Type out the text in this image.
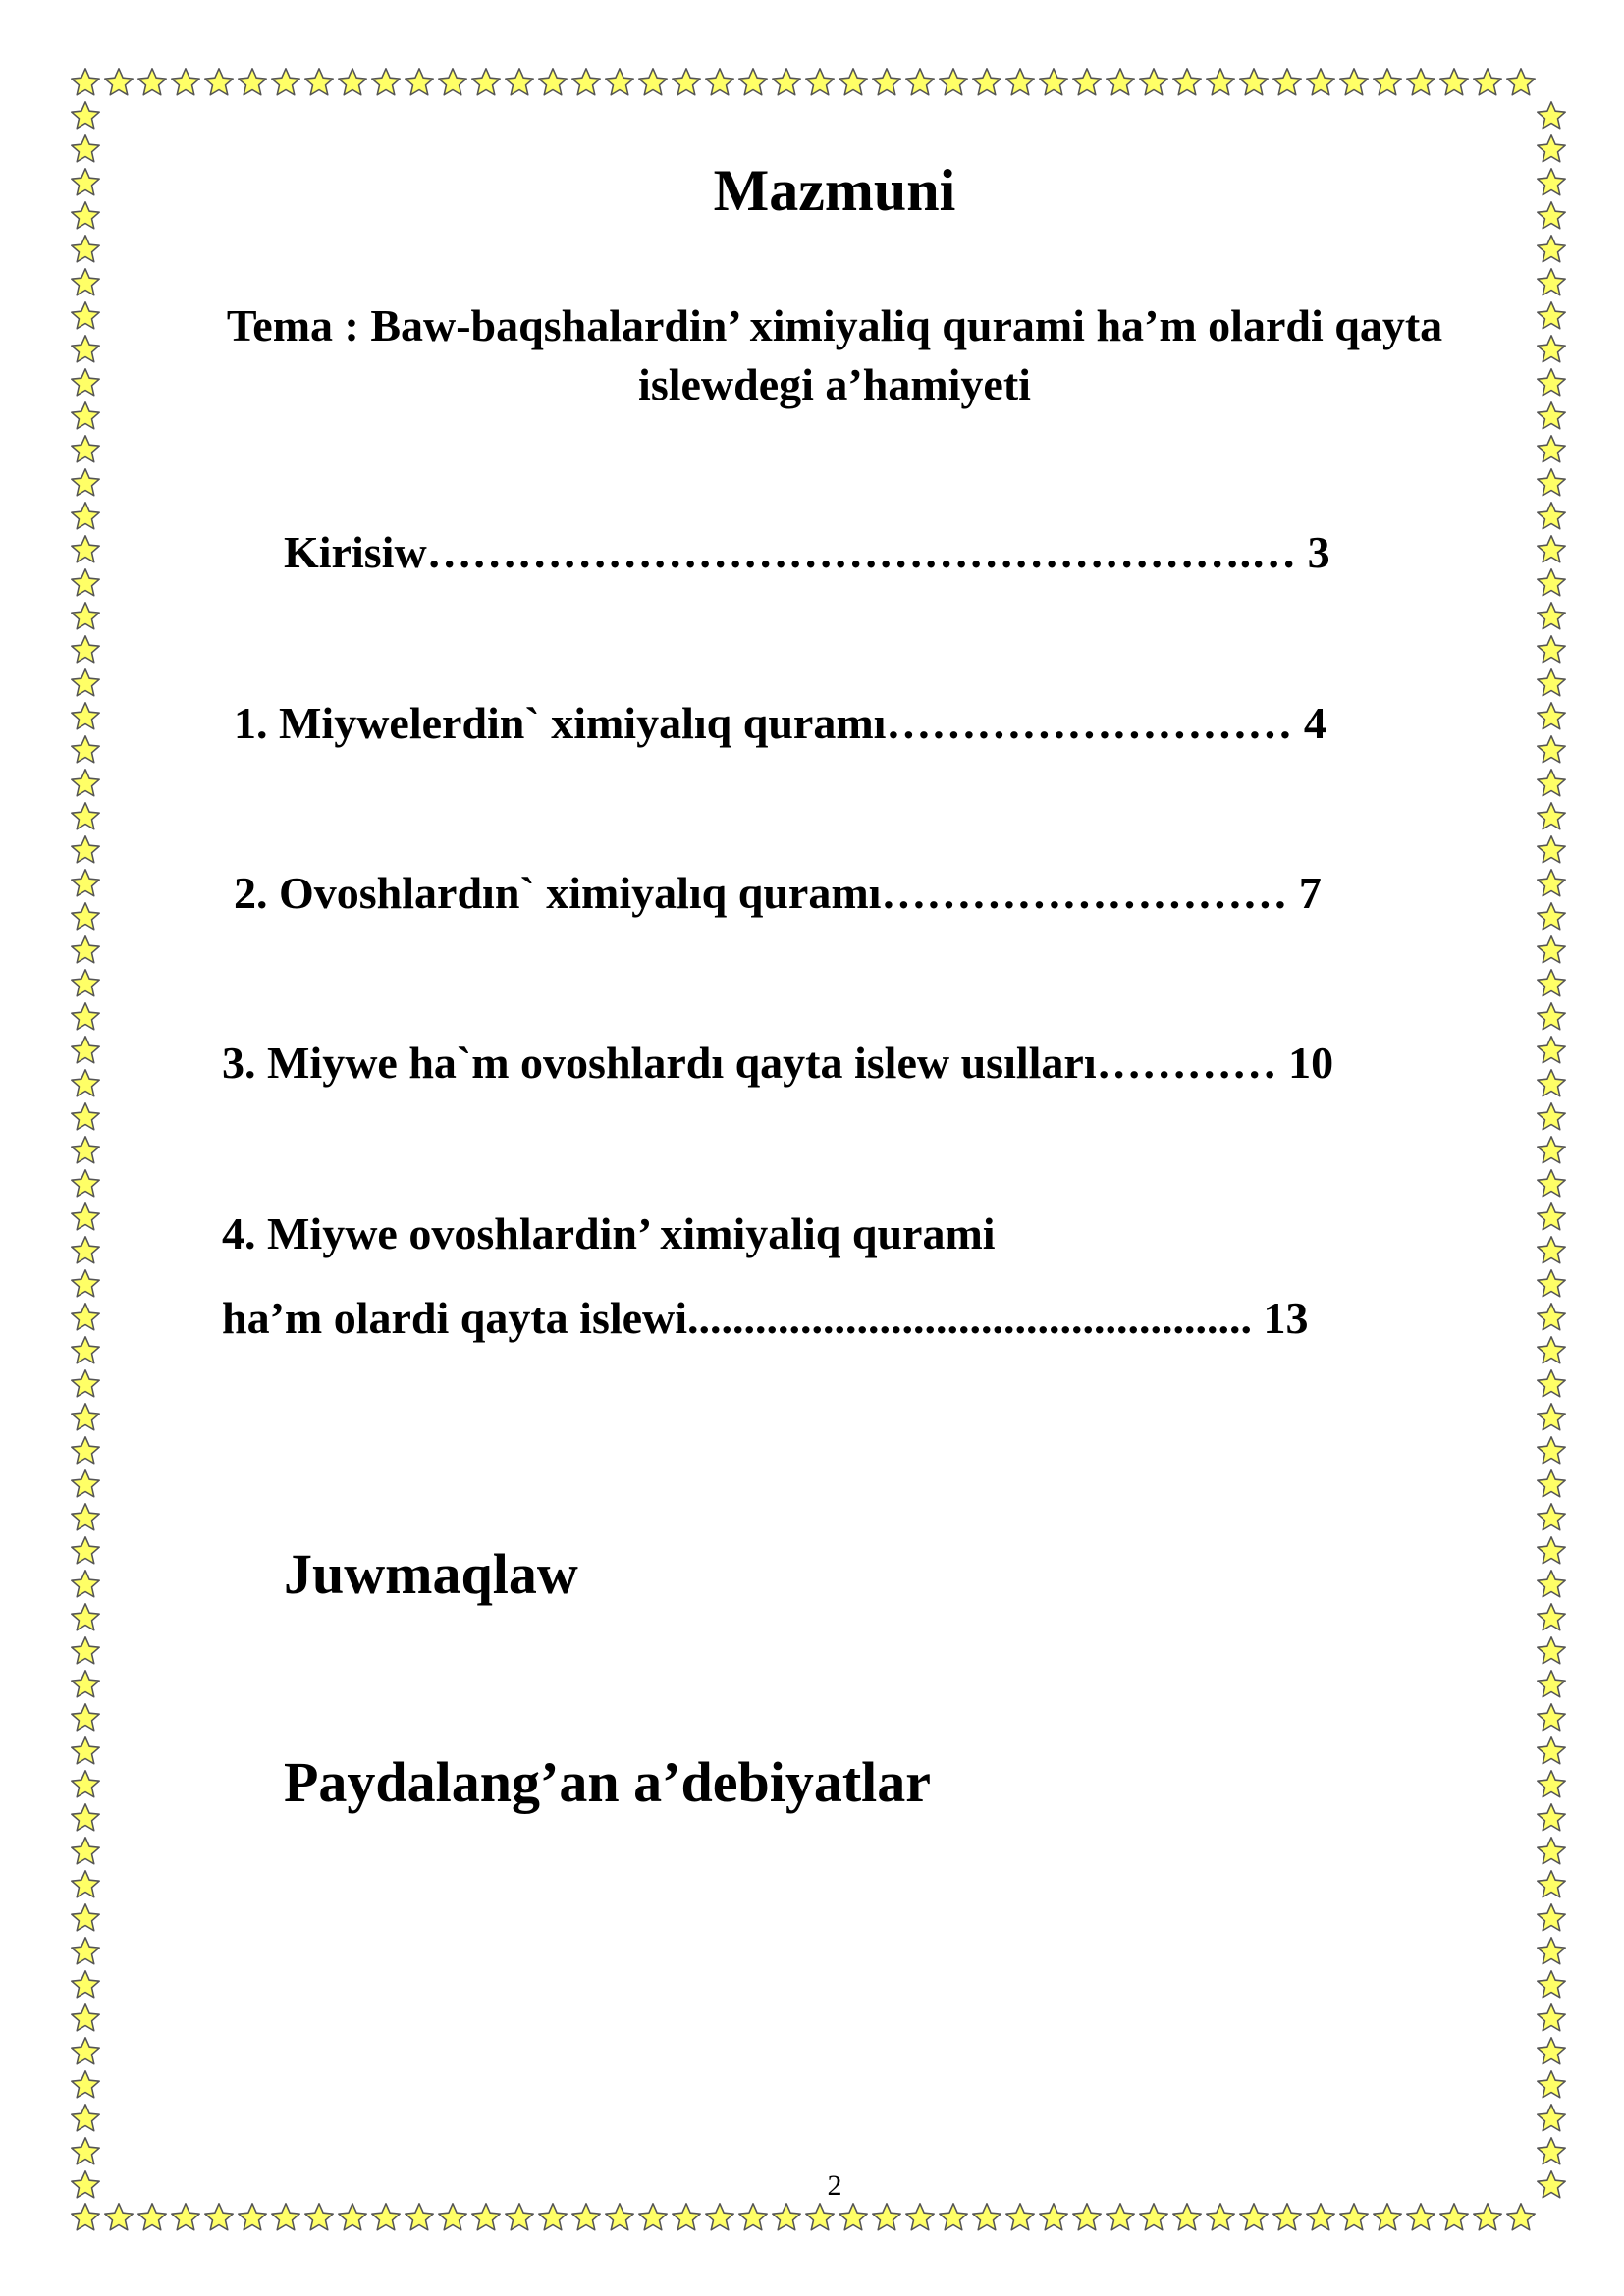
Mazmuni
Tema : Baw-baqshalardin’ ximiyaliq qurami ha’m olardi qayta islewdegi a’hamiyeti
Kirisiw……………………………………………….… 3
1. Miywelerdin` ximiyalıq quramı……………………… 4
2. Ovoshlardın` ximiyalıq quramı……………………… 7
3. Miywe ha`m ovoshlardı qayta islew usılları………… 10
4. Miywe ovoshlardin’ ximiyaliq qurami
ha’m olardi qayta islewi.................................................. 13
Juwmaqlaw
Paydalang’an a’debiyatlar
2
